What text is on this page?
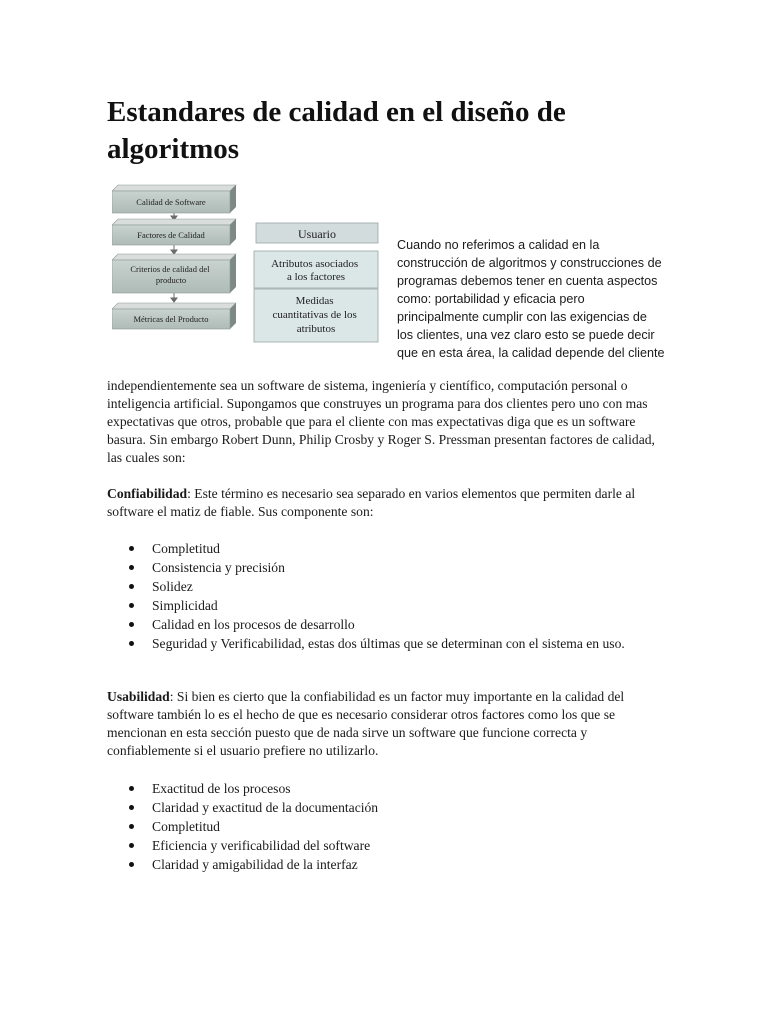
Estandares de calidad en el diseño de algoritmos
Calidad de Software
Factores de Calidad
Criterios de calidad del producto
Métricas del Producto
Usuario
Atributos asociados a los factores
Medidas cuantitativas de los atributos

Cuando no referimos a calidad en la construcción de algoritmos y construcciones de programas debemos tener en cuenta aspectos como: portabilidad y eficacia pero principalmente cumplir con las exigencias de los clientes, una vez claro esto se puede decir que en esta área, la calidad depende del cliente

independientemente sea un software de sistema, ingeniería y científico, computación personal o inteligencia artificial. Supongamos que construyes un programa para dos clientes pero uno con mas expectativas que otros, probable que para el cliente con mas expectativas diga que es un software basura. Sin embargo Robert Dunn, Philip Crosby y Roger S. Pressman presentan factores de calidad, las cuales son:

Confiabilidad: Este término es necesario sea separado en varios elementos que permiten darle al software el matiz de fiable. Sus componente son:

Completitud
Consistencia y precisión
Solidez
Simplicidad
Calidad en los procesos de desarrollo
Seguridad y Verificabilidad, estas dos últimas que se determinan con el sistema en uso.

Usabilidad: Si bien es cierto que la confiabilidad es un factor muy importante en la calidad del software también lo es el hecho de que es necesario considerar otros factores como los que se mencionan en esta sección puesto que de nada sirve un software que funcione correcta y confiablemente si el usuario prefiere no utilizarlo.

Exactitud de los procesos
Claridad y exactitud de la documentación
Completitud
Eficiencia y verificabilidad del software
Claridad y amigabilidad de la interfaz
